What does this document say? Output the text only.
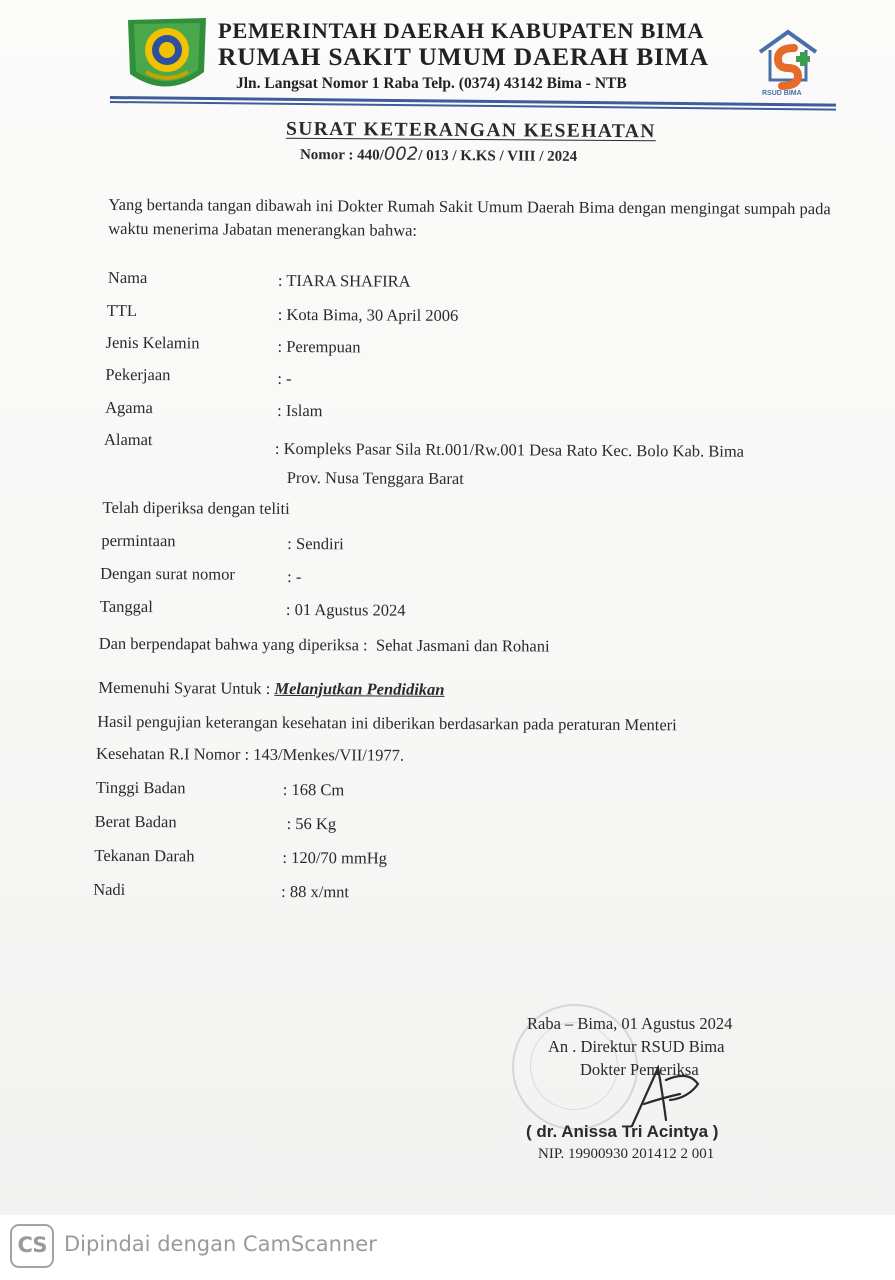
PEMERINTAH DAERAH KABUPATEN BIMA
RUMAH SAKIT UMUM DAERAH BIMA
Jln. Langsat Nomor 1 Raba Telp. (0374) 43142 Bima - NTB
RSUD BIMA
SURAT KETERANGAN KESEHATAN
Nomor : 440/002/ 013 / K.KS / VIII / 2024
Yang bertanda tangan dibawah ini Dokter Rumah Sakit Umum Daerah Bima dengan mengingat sumpah pada waktu menerima Jabatan menerangkan bahwa:
Nama	: TIARA SHAFIRA
TTL	: Kota Bima, 30 April 2006
Jenis Kelamin	: Perempuan
Pekerjaan	: -
Agama	: Islam
Alamat	: Kompleks Pasar Sila Rt.001/Rw.001 Desa Rato Kec. Bolo Kab. Bima
Prov. Nusa Tenggara Barat
Telah diperiksa dengan teliti
permintaan	: Sendiri
Dengan surat nomor	: -
Tanggal	: 01 Agustus 2024
Dan berpendapat bahwa yang diperiksa : Sehat Jasmani dan Rohani
Memenuhi Syarat Untuk : Melanjutkan Pendidikan
Hasil pengujian keterangan kesehatan ini diberikan berdasarkan pada peraturan Menteri
Kesehatan R.I Nomor : 143/Menkes/VII/1977.
Tinggi Badan	: 168 Cm
Berat Badan	: 56 Kg
Tekanan Darah	: 120/70 mmHg
Nadi	: 88 x/mnt
Raba – Bima, 01 Agustus 2024
An . Direktur RSUD Bima
Dokter Pemeriksa
( dr. Anissa Tri Acintya )
NIP. 19900930 201412 2 001
CS Dipindai dengan CamScanner
